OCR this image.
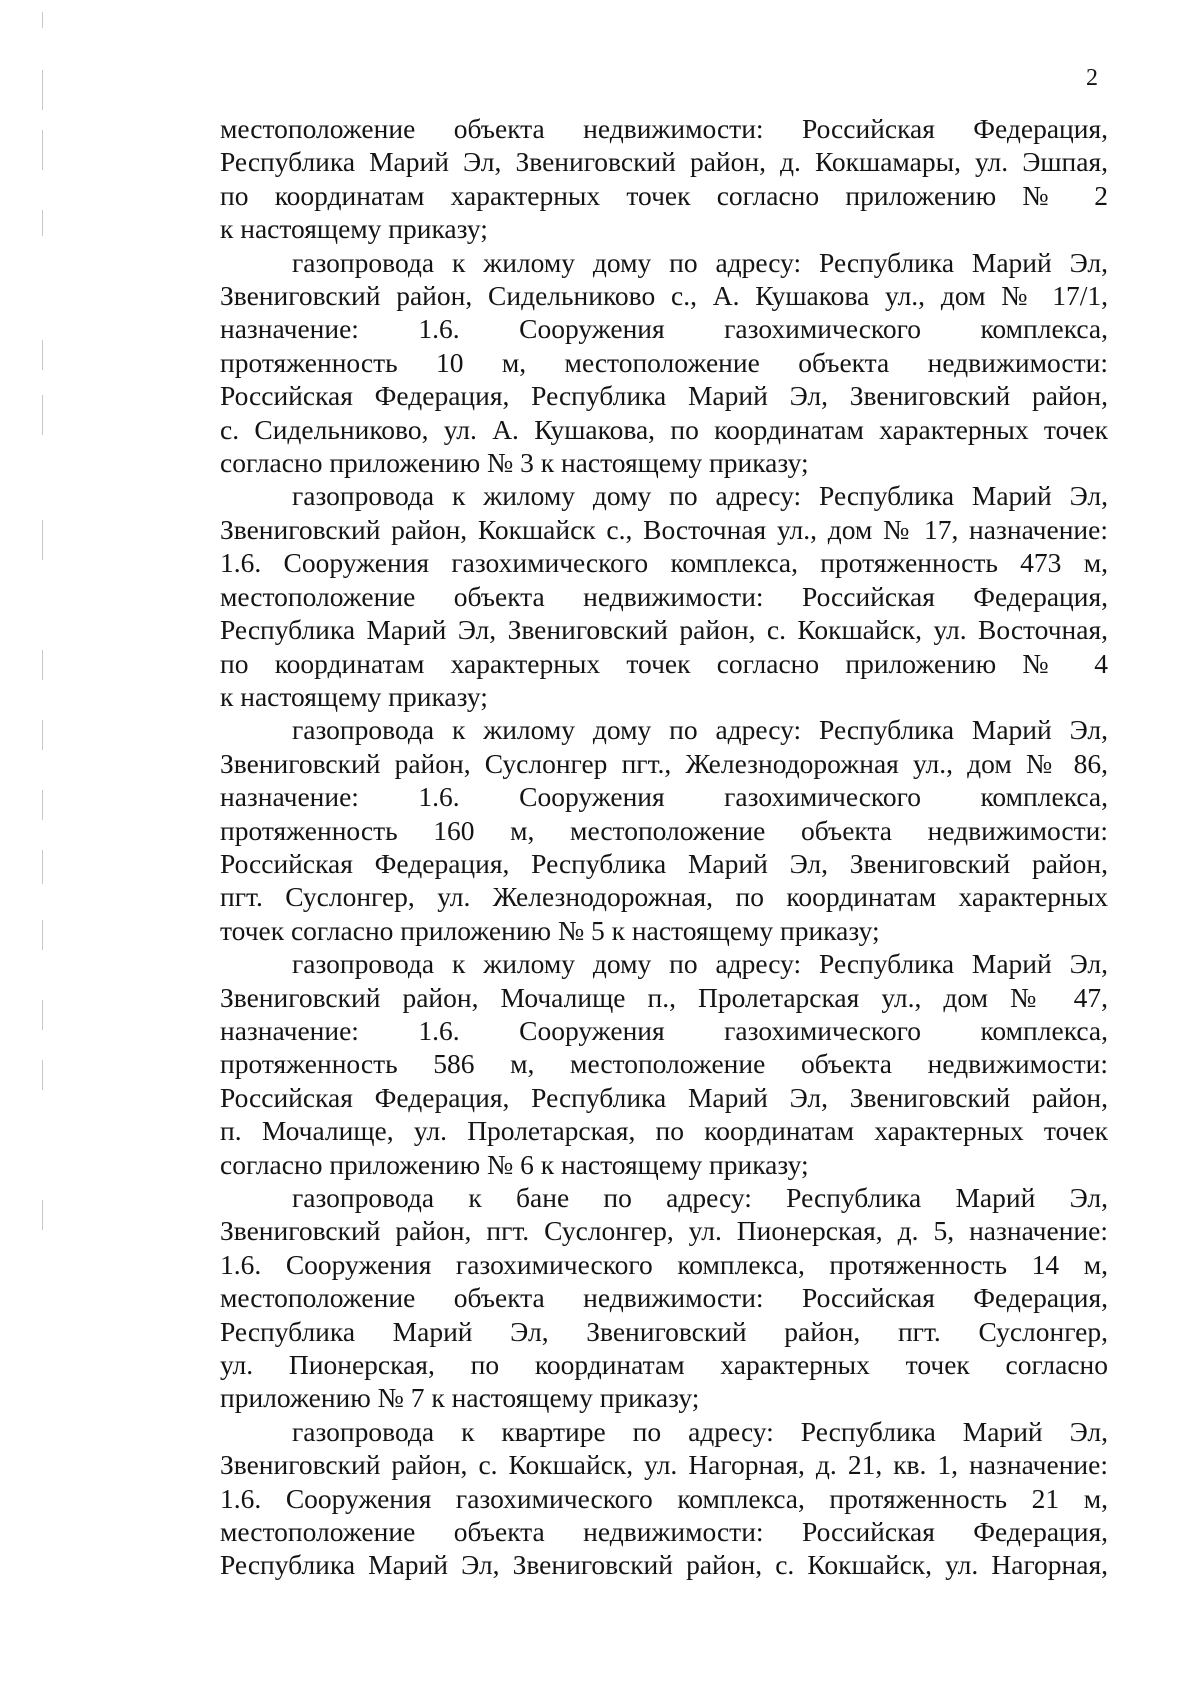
2

местоположение объекта недвижимости: Российская Федерация,
Республика Марий Эл, Звениговский район, д. Кокшамары, ул. Эшпая,
по координатам характерных точек согласно приложению № 2
к настоящему приказу;

газопровода к жилому дому по адресу: Республика Марий Эл,
Звениговский район, Сидельниково с., А. Кушакова ул., дом № 17/1,
назначение: 1.6. Сооружения газохимического комплекса,
протяженность 10 м, местоположение объекта недвижимости:
Российская Федерация, Республика Марий Эл, Звениговский район,
с. Сидельниково, ул. А. Кушакова, по координатам характерных точек
согласно приложению № 3 к настоящему приказу;

газопровода к жилому дому по адресу: Республика Марий Эл,
Звениговский район, Кокшайск с., Восточная ул., дом № 17, назначение:
1.6. Сооружения газохимического комплекса, протяженность 473 м,
местоположение объекта недвижимости: Российская Федерация,
Республика Марий Эл, Звениговский район, с. Кокшайск, ул. Восточная,
по координатам характерных точек согласно приложению № 4
к настоящему приказу;

газопровода к жилому дому по адресу: Республика Марий Эл,
Звениговский район, Суслонгер пгт., Железнодорожная ул., дом № 86,
назначение: 1.6. Сооружения газохимического комплекса,
протяженность 160 м, местоположение объекта недвижимости:
Российская Федерация, Республика Марий Эл, Звениговский район,
пгт. Суслонгер, ул. Железнодорожная, по координатам характерных
точек согласно приложению № 5 к настоящему приказу;

газопровода к жилому дому по адресу: Республика Марий Эл,
Звениговский район, Мочалище п., Пролетарская ул., дом № 47,
назначение: 1.6. Сооружения газохимического комплекса,
протяженность 586 м, местоположение объекта недвижимости:
Российская Федерация, Республика Марий Эл, Звениговский район,
п. Мочалище, ул. Пролетарская, по координатам характерных точек
согласно приложению № 6 к настоящему приказу;

газопровода к бане по адресу: Республика Марий Эл,
Звениговский район, пгт. Суслонгер, ул. Пионерская, д. 5, назначение:
1.6. Сооружения газохимического комплекса, протяженность 14 м,
местоположение объекта недвижимости: Российская Федерация,
Республика Марий Эл, Звениговский район, пгт. Суслонгер,
ул. Пионерская, по координатам характерных точек согласно
приложению № 7 к настоящему приказу;

газопровода к квартире по адресу: Республика Марий Эл,
Звениговский район, с. Кокшайск, ул. Нагорная, д. 21, кв. 1, назначение:
1.6. Сооружения газохимического комплекса, протяженность 21 м,
местоположение объекта недвижимости: Российская Федерация,
Республика Марий Эл, Звениговский район, с. Кокшайск, ул. Нагорная,
